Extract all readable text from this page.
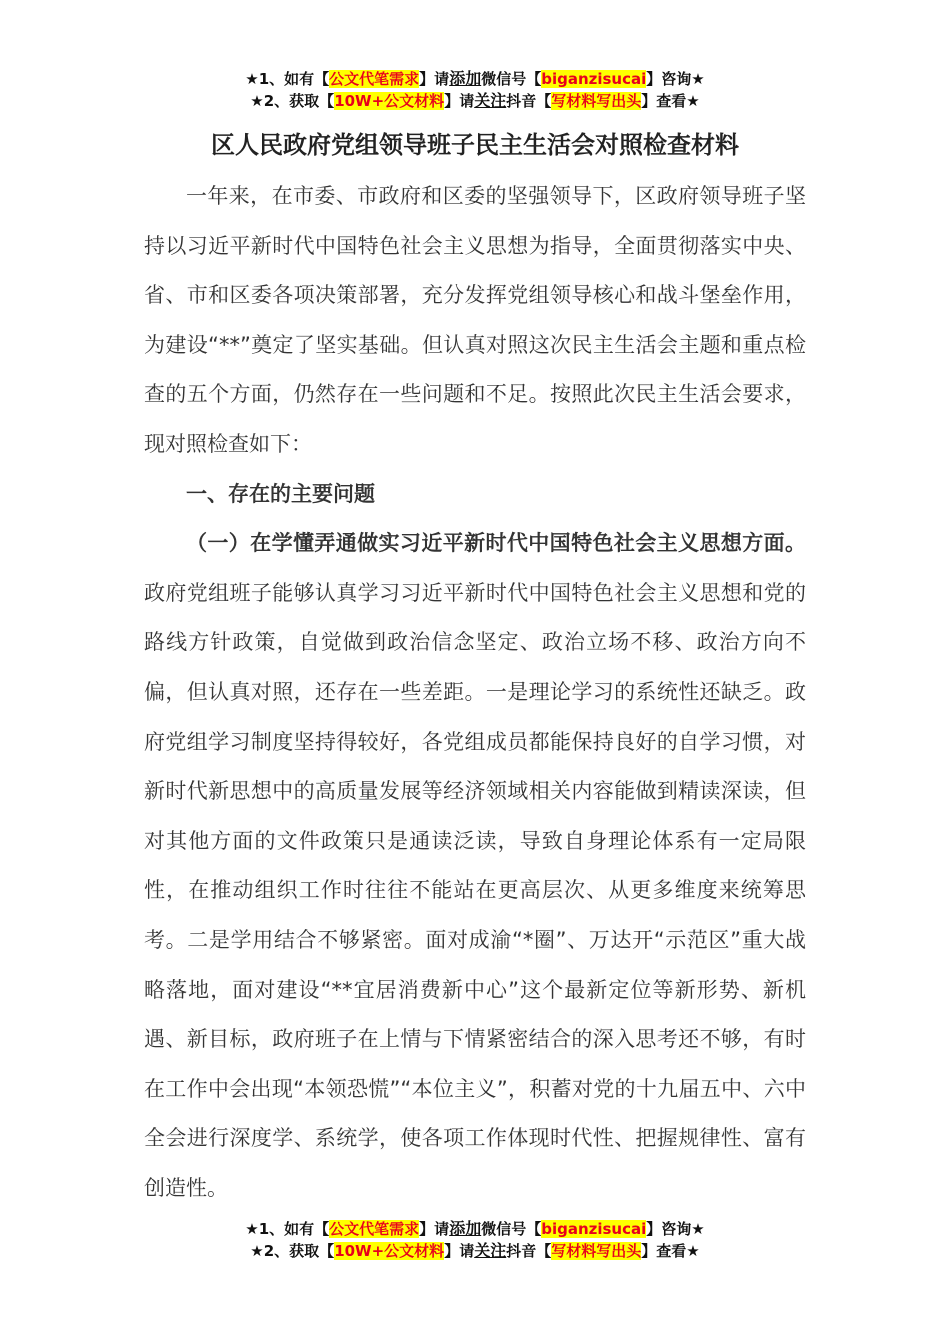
★1、如有【公文代笔需求】请添加微信号【biganzisucai】咨询★
★2、获取【10W+公文材料】请关注抖音【写材料写出头】查看★
区人民政府党组领导班子民主生活会对照检查材料

一年来，在市委、市政府和区委的坚强领导下，区政府领导班子坚持以习近平新时代中国特色社会主义思想为指导，全面贯彻落实中央、省、市和区委各项决策部署，充分发挥党组领导核心和战斗堡垒作用，为建设“**”奠定了坚实基础。但认真对照这次民主生活会主题和重点检查的五个方面，仍然存在一些问题和不足。按照此次民主生活会要求，现对照检查如下：

一、存在的主要问题

（一）在学懂弄通做实习近平新时代中国特色社会主义思想方面。政府党组班子能够认真学习习近平新时代中国特色社会主义思想和党的路线方针政策，自觉做到政治信念坚定、政治立场不移、政治方向不偏，但认真对照，还存在一些差距。一是理论学习的系统性还缺乏。政府党组学习制度坚持得较好，各党组成员都能保持良好的自学习惯，对新时代新思想中的高质量发展等经济领域相关内容能做到精读深读，但对其他方面的文件政策只是通读泛读，导致自身理论体系有一定局限性，在推动组织工作时往往不能站在更高层次、从更多维度来统筹思考。二是学用结合不够紧密。面对成渝“*圈”、万达开“示范区”重大战略落地，面对建设“**宜居消费新中心”这个最新定位等新形势、新机遇、新目标，政府班子在上情与下情紧密结合的深入思考还不够，有时在工作中会出现“本领恐慌”“本位主义”，积蓄对党的十九届五中、六中全会进行深度学、系统学，使各项工作体现时代性、把握规律性、富有创造性。

★1、如有【公文代笔需求】请添加微信号【biganzisucai】咨询★
★2、获取【10W+公文材料】请关注抖音【写材料写出头】查看★
